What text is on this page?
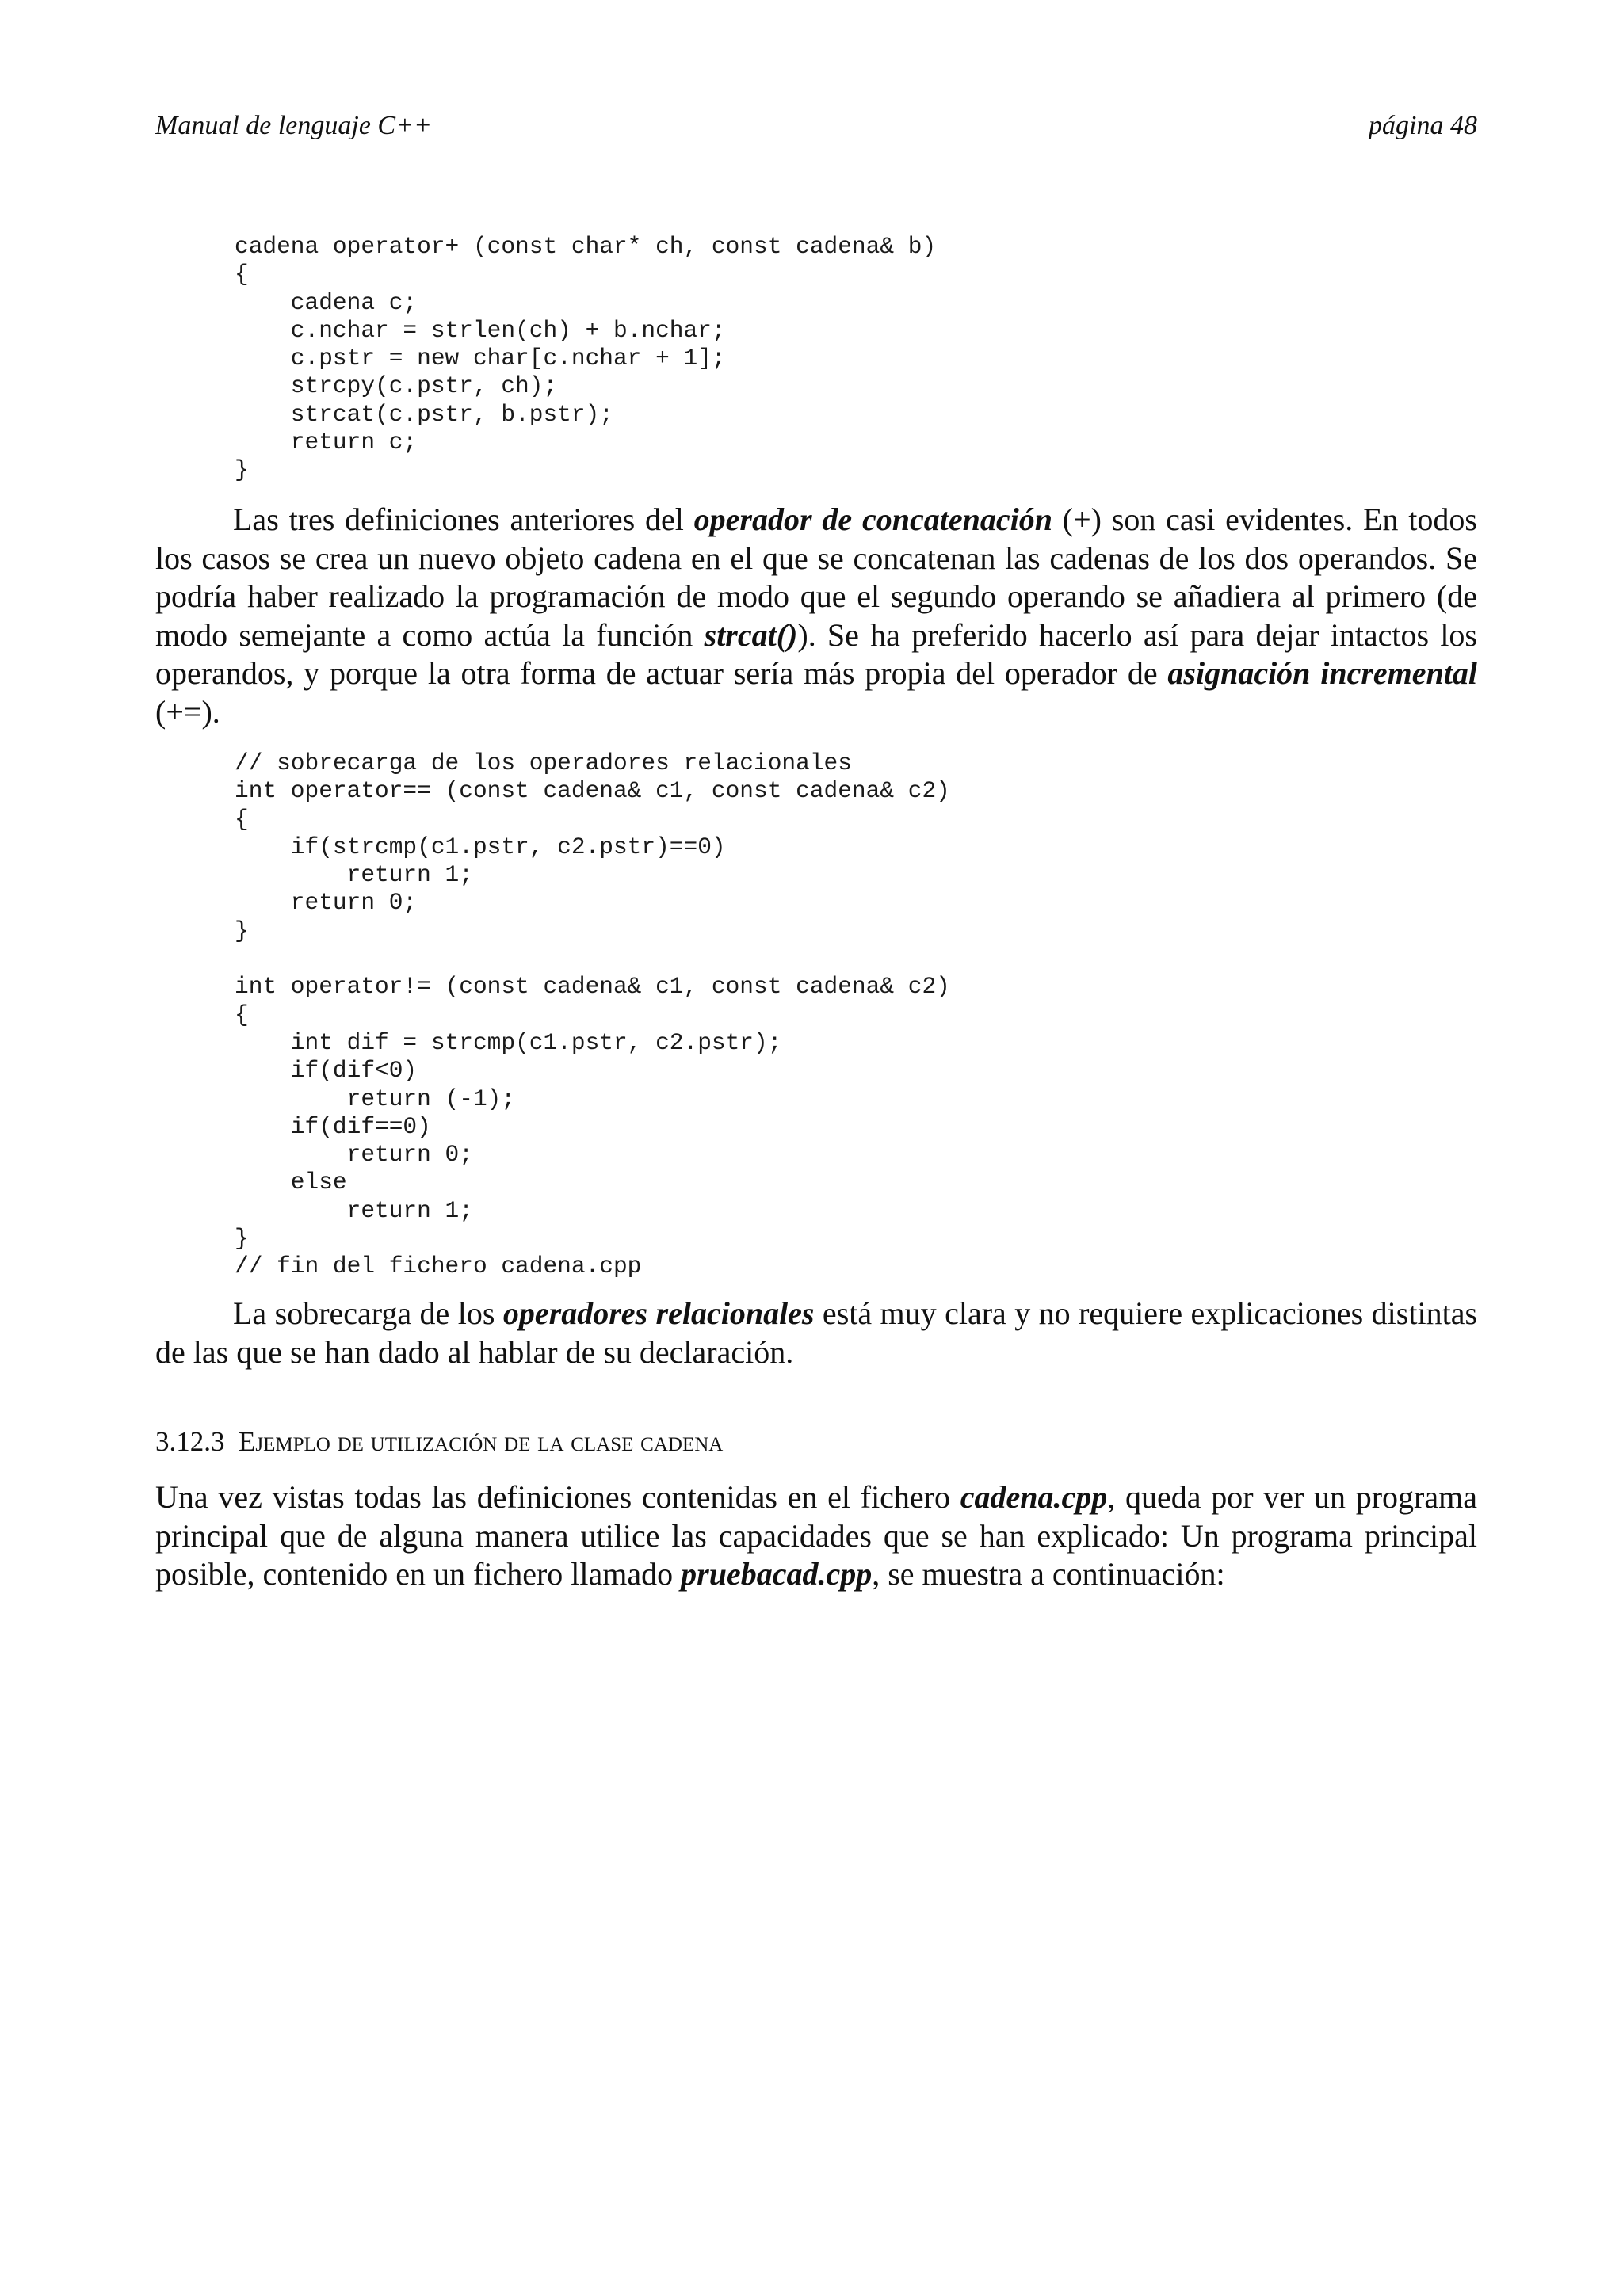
Manual de lenguaje C++	página 48
cadena operator+ (const char* ch, const cadena& b)
{
cadena c;
c.nchar = strlen(ch) + b.nchar;
c.pstr = new char[c.nchar + 1];
strcpy(c.pstr, ch);
strcat(c.pstr, b.pstr);
return c;
}

Las tres definiciones anteriores del operador de concatenación (+) son casi evidentes. En todos los casos se crea un nuevo objeto cadena en el que se concatenan las cadenas de los dos operandos. Se podría haber realizado la programación de modo que el segundo operando se añadiera al primero (de modo semejante a como actúa la función strcat()). Se ha preferido hacerlo así para dejar intactos los operandos, y porque la otra forma de actuar sería más propia del operador de asignación incremental (+=).

// sobrecarga de los operadores relacionales
int operator== (const cadena& c1, const cadena& c2)
{
if(strcmp(c1.pstr, c2.pstr)==0)
return 1;
return 0;
}

int operator!= (const cadena& c1, const cadena& c2)
{
int dif = strcmp(c1.pstr, c2.pstr);
if(dif<0)
return (-1);
if(dif==0)
return 0;
else
return 1;
}
// fin del fichero cadena.cpp

La sobrecarga de los operadores relacionales está muy clara y no requiere explicaciones distintas de las que se han dado al hablar de su declaración.

3.12.3 Ejemplo de utilización de la clase cadena

Una vez vistas todas las definiciones contenidas en el fichero cadena.cpp, queda por ver un programa principal que de alguna manera utilice las capacidades que se han explicado: Un programa principal posible, contenido en un fichero llamado pruebacad.cpp, se muestra a continuación:
